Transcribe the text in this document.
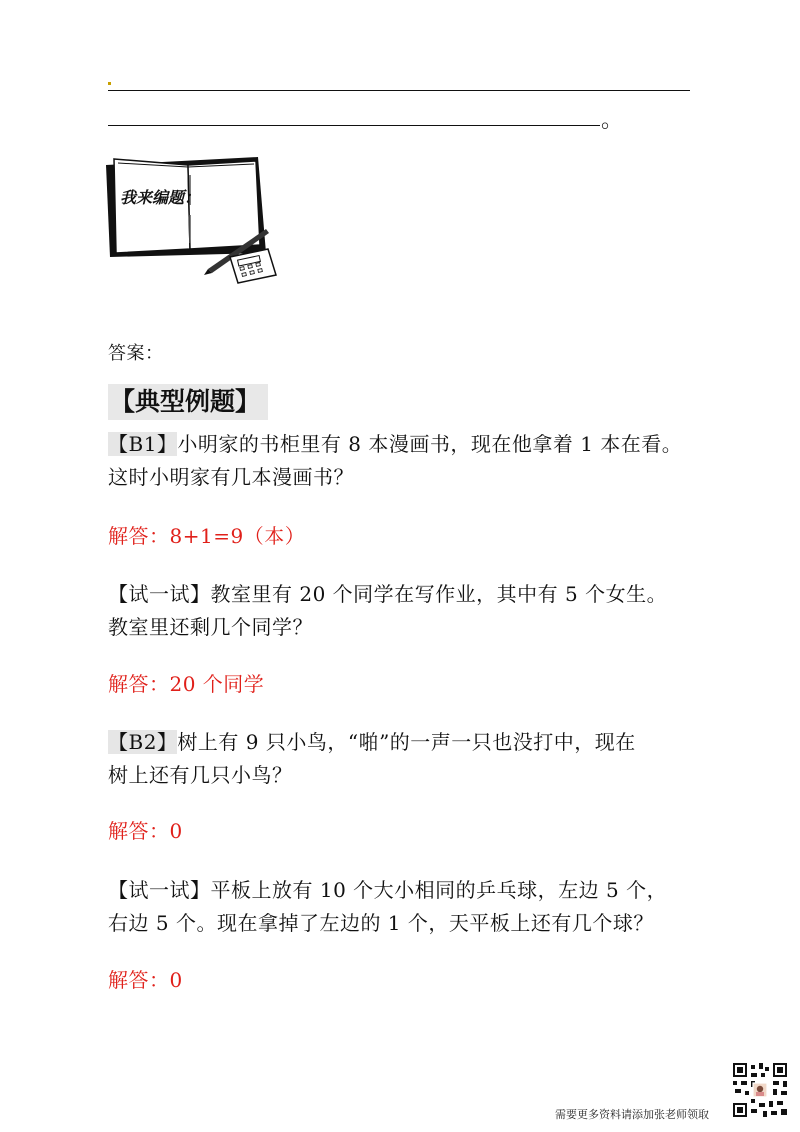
。
我来编题：
答案：
【典型例题】
【B1】小明家的书柜里有 8 本漫画书，现在他拿着 1 本在看。
这时小明家有几本漫画书？
解答：8+1=9（本）
【试一试】教室里有 20 个同学在写作业，其中有 5 个女生。
教室里还剩几个同学？
解答：20 个同学
【B2】树上有 9 只小鸟，“啪”的一声一只也没打中，现在
树上还有几只小鸟？
解答：0
【试一试】平板上放有 10 个大小相同的乒乓球，左边 5 个，
右边 5 个。现在拿掉了左边的 1 个，天平板上还有几个球？
解答：0
需要更多资料请添加张老师领取
